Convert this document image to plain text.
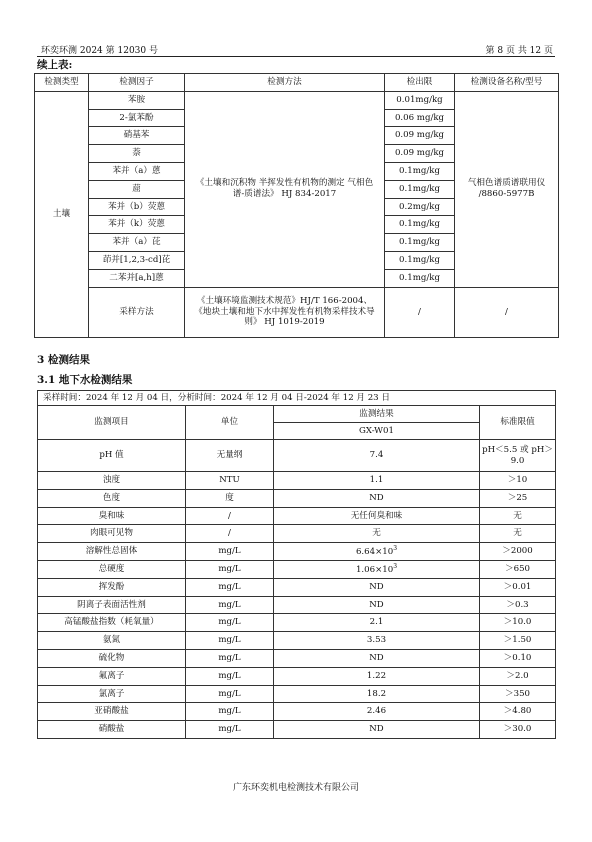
环奕环测 2024 第 12030 号	第 8 页 共 12 页
续上表:
检测类型	检测因子	检测方法	检出限	检测设备名称/型号
土壤	苯胺	《土壤和沉积物 半挥发性有机物的测定 气相色谱-质谱法》 HJ 834-2017	0.01mg/kg	气相色谱质谱联用仪 /8860-5977B
	2-氯苯酚		0.06 mg/kg	
	硝基苯		0.09 mg/kg	
	萘		0.09 mg/kg	
	苯并（a）蒽		0.1mg/kg	
	䓛		0.1mg/kg	
	苯并（b）荧蒽		0.2mg/kg	
	苯并（k）荧蒽		0.1mg/kg	
	苯并（a）芘		0.1mg/kg	
	茚并[1,2,3-cd]芘		0.1mg/kg	
	二苯并[a,h]蒽		0.1mg/kg	
	采样方法	《土壤环境监测技术规范》HJ/T 166-2004、《地块土壤和地下水中挥发性有机物采样技术导则》 HJ 1019-2019	/	/
3 检测结果
3.1 地下水检测结果
采样时间：2024 年 12 月 04 日，分析时间：2024 年 12 月 04 日-2024 年 12 月 23 日			
监测项目	单位	监测结果	标准限值
		GX-W01	
pH 值	无量纲	7.4	pH＜5.5 或 pH＞9.0
浊度	NTU	1.1	＞10
色度	度	ND	＞25
臭和味	/	无任何臭和味	无
肉眼可见物	/	无	无
溶解性总固体	mg/L	$6.64\times 10^3$	＞2000
总硬度	mg/L	$1.06\times 10^3$	＞650
挥发酚	mg/L	ND	＞0.01
阴离子表面活性剂	mg/L	ND	＞0.3
高锰酸盐指数（耗氧量）	mg/L	2.1	＞10.0
氨氮	mg/L	3.53	＞1.50
硫化物	mg/L	ND	＞0.10
氟离子	mg/L	1.22	＞2.0
氯离子	mg/L	18.2	＞350
亚硝酸盐	mg/L	2.46	＞4.80
硝酸盐	mg/L	ND	＞30.0
广东环奕机电检测技术有限公司
